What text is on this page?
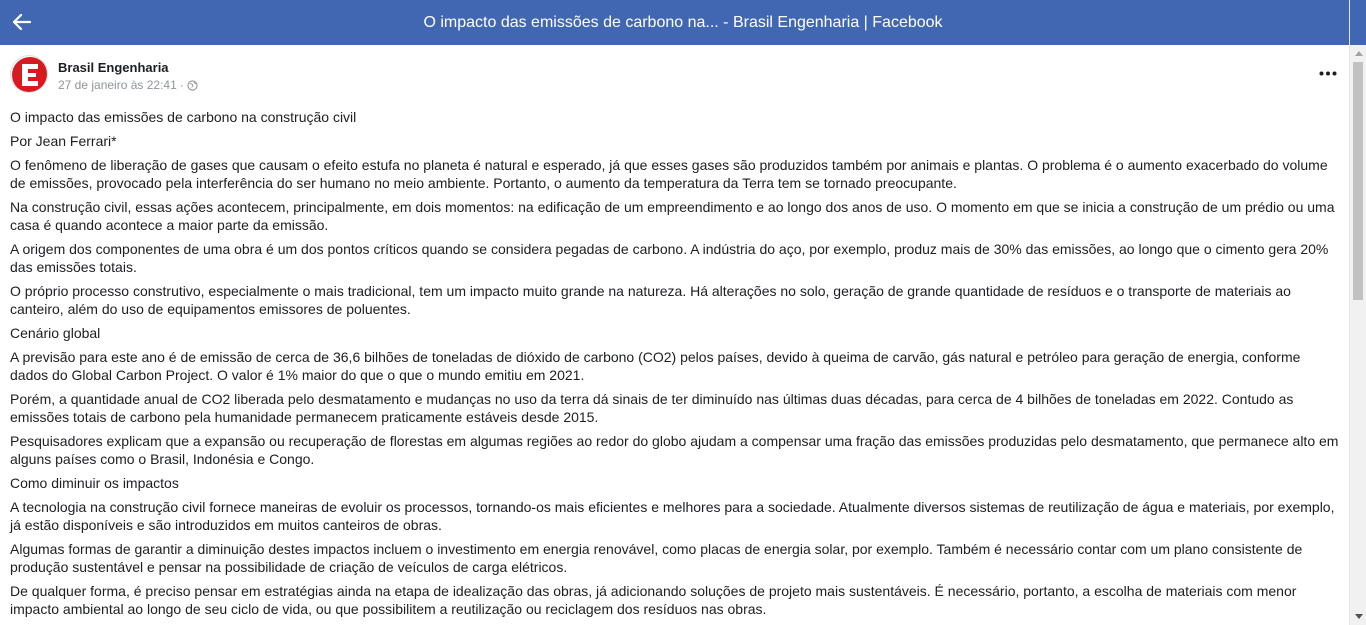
O impacto das emissões de carbono na... - Brasil Engenharia | Facebook
Brasil Engenharia
27 de janeiro às 22:41 ·

O impacto das emissões de carbono na construção civil

Por Jean Ferrari*

O fenômeno de liberação de gases que causam o efeito estufa no planeta é natural e esperado, já que esses gases são produzidos também por animais e plantas. O problema é o aumento exacerbado do volume de emissões, provocado pela interferência do ser humano no meio ambiente. Portanto, o aumento da temperatura da Terra tem se tornado preocupante.

Na construção civil, essas ações acontecem, principalmente, em dois momentos: na edificação de um empreendimento e ao longo dos anos de uso. O momento em que se inicia a construção de um prédio ou uma casa é quando acontece a maior parte da emissão.

A origem dos componentes de uma obra é um dos pontos críticos quando se considera pegadas de carbono. A indústria do aço, por exemplo, produz mais de 30% das emissões, ao longo que o cimento gera 20% das emissões totais.

O próprio processo construtivo, especialmente o mais tradicional, tem um impacto muito grande na natureza. Há alterações no solo, geração de grande quantidade de resíduos e o transporte de materiais ao canteiro, além do uso de equipamentos emissores de poluentes.

Cenário global

A previsão para este ano é de emissão de cerca de 36,6 bilhões de toneladas de dióxido de carbono (CO2) pelos países, devido à queima de carvão, gás natural e petróleo para geração de energia, conforme dados do Global Carbon Project. O valor é 1% maior do que o que o mundo emitiu em 2021.

Porém, a quantidade anual de CO2 liberada pelo desmatamento e mudanças no uso da terra dá sinais de ter diminuído nas últimas duas décadas, para cerca de 4 bilhões de toneladas em 2022. Contudo as emissões totais de carbono pela humanidade permanecem praticamente estáveis desde 2015.

Pesquisadores explicam que a expansão ou recuperação de florestas em algumas regiões ao redor do globo ajudam a compensar uma fração das emissões produzidas pelo desmatamento, que permanece alto em alguns países como o Brasil, Indonésia e Congo.

Como diminuir os impactos

A tecnologia na construção civil fornece maneiras de evoluir os processos, tornando-os mais eficientes e melhores para a sociedade. Atualmente diversos sistemas de reutilização de água e materiais, por exemplo, já estão disponíveis e são introduzidos em muitos canteiros de obras.

Algumas formas de garantir a diminuição destes impactos incluem o investimento em energia renovável, como placas de energia solar, por exemplo. Também é necessário contar com um plano consistente de produção sustentável e pensar na possibilidade de criação de veículos de carga elétricos.

De qualquer forma, é preciso pensar em estratégias ainda na etapa de idealização das obras, já adicionando soluções de projeto mais sustentáveis. É necessário, portanto, a escolha de materiais com menor impacto ambiental ao longo de seu ciclo de vida, ou que possibilitem a reutilização ou reciclagem dos resíduos nas obras.
